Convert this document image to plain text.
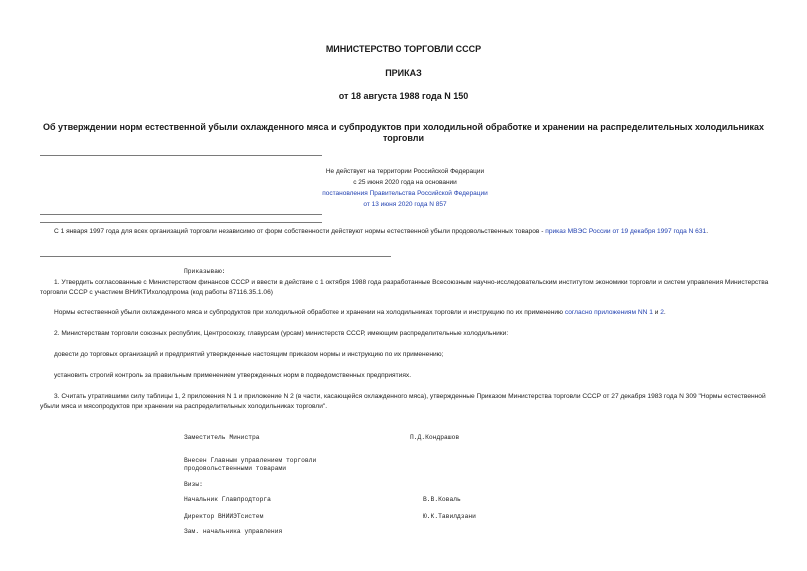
МИНИСТЕРСТВО ТОРГОВЛИ СССР
ПРИКАЗ
от 18 августа 1988 года N 150
Об утверждении норм естественной убыли охлажденного мяса и субпродуктов при холодильной обработке и хранении на распределительных холодильниках торговли
Не действует на территории Российской Федерации
с 25 июня 2020 года на основании
постановления Правительства Российской Федерации
от 13 июня 2020 года N 857
С 1 января 1997 года для всех организаций торговли независимо от форм собственности действуют нормы естественной убыли продовольственных товаров - приказ МВЭС России от 19 декабря 1997 года N 631.
Приказываю:
1. Утвердить согласованные с Министерством финансов СССР и ввести в действие с 1 октября 1988 года разработанные Всесоюзным научно-исследовательским институтом экономики торговли и систем управления Министерства торговли СССР с участием ВНИКТИхолодпрома (код работы 87116.35.1.06)
Нормы естественной убыли охлажденного мяса и субпродуктов при холодильной обработке и хранении на холодильниках торговли и инструкцию по их применению согласно приложениям NN 1 и 2.
2. Министерствам торговли союзных республик, Центросоюзу, главурсам (урсам) министерств СССР, имеющим распределительные холодильники:
довести до торговых организаций и предприятий утвержденные настоящим приказом нормы и инструкцию по их применению;
установить строгий контроль за правильным применением утвержденных норм в подведомственных предприятиях.
3. Считать утратившими силу таблицы 1, 2 приложения N 1 и приложение N 2 (в части, касающейся охлажденного мяса), утвержденные Приказом Министерства торговли СССР от 27 декабря 1983 года N 309 "Нормы естественной убыли мяса и мясопродуктов при хранении на распределительных холодильниках торговли".
Заместитель Министра	П.Д.Кондрашов
Внесен Главным управлением торговли
продовольственными товарами
Визы:
Начальник Главпродторга	В.В.Коваль
Директор ВНИИЭТсистем	Ю.К.Тавилдзани
Зам. начальника управления
